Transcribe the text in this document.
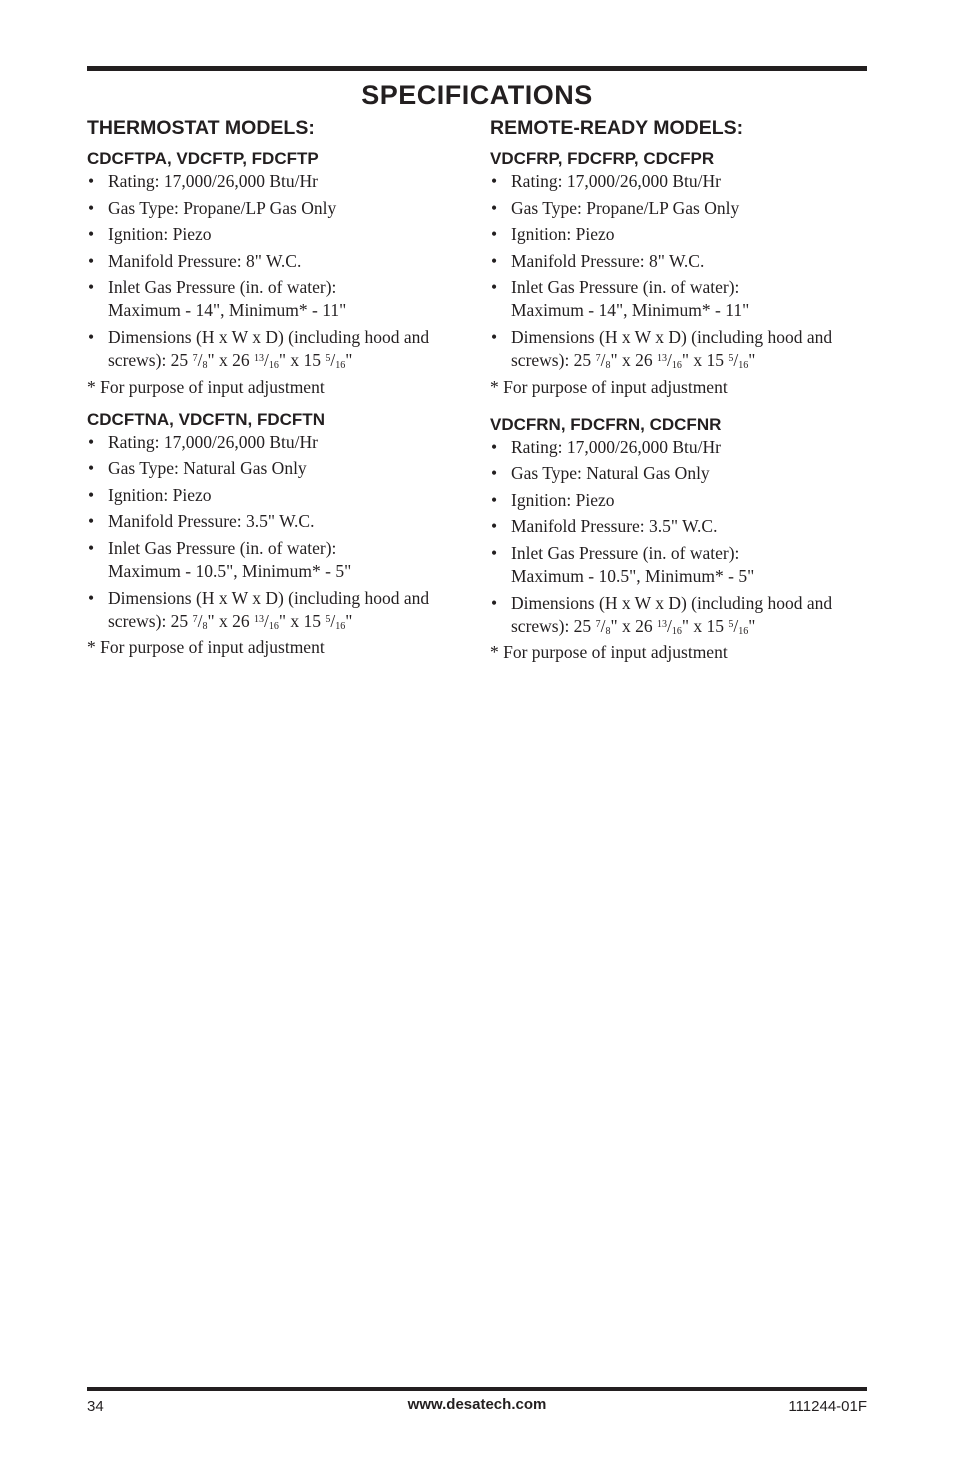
SPECIFICATIONS
THERMOSTAT MODELS:
CDCFTPA, VDCFTP, FDCFTP
• Rating: 17,000/26,000 Btu/Hr
• Gas Type: Propane/LP Gas Only
• Ignition: Piezo
• Manifold Pressure: 8" W.C.
• Inlet Gas Pressure (in. of water):
Maximum - 14", Minimum* - 11"
• Dimensions (H x W x D) (including hood and
screws): 25 $^7/_8$" x 26 $^{13}/_{16}$" x 15 $^5/_{16}$"

* For purpose of input adjustment

CDCFTNA, VDCFTN, FDCFTN
• Rating: 17,000/26,000 Btu/Hr
• Gas Type: Natural Gas Only
• Ignition: Piezo
• Manifold Pressure: 3.5" W.C.
• Inlet Gas Pressure (in. of water):
Maximum - 10.5", Minimum* - 5"
• Dimensions (H x W x D) (including hood and
screws): 25 $^7/_8$" x 26 $^{13}/_{16}$" x 15 $^5/_{16}$"

* For purpose of input adjustment

REMOTE-READY MODELS:
VDCFRP, FDCFRP, CDCFPR
• Rating: 17,000/26,000 Btu/Hr
• Gas Type: Propane/LP Gas Only
• Ignition: Piezo
• Manifold Pressure: 8" W.C.
• Inlet Gas Pressure (in. of water):
Maximum - 14", Minimum* - 11"
• Dimensions (H x W x D) (including hood and
screws): 25 $^7/_8$" x 26 $^{13}/_{16}$" x 15 $^5/_{16}$"

* For purpose of input adjustment

VDCFRN, FDCFRN, CDCFNR
• Rating: 17,000/26,000 Btu/Hr
• Gas Type: Natural Gas Only
• Ignition: Piezo
• Manifold Pressure: 3.5" W.C.
• Inlet Gas Pressure (in. of water):
Maximum - 10.5", Minimum* - 5"
• Dimensions (H x W x D) (including hood and
screws): 25 $^7/_8$" x 26 $^{13}/_{16}$" x 15 $^5/_{16}$"

* For purpose of input adjustment

34	www.desatech.com	111244-01F
